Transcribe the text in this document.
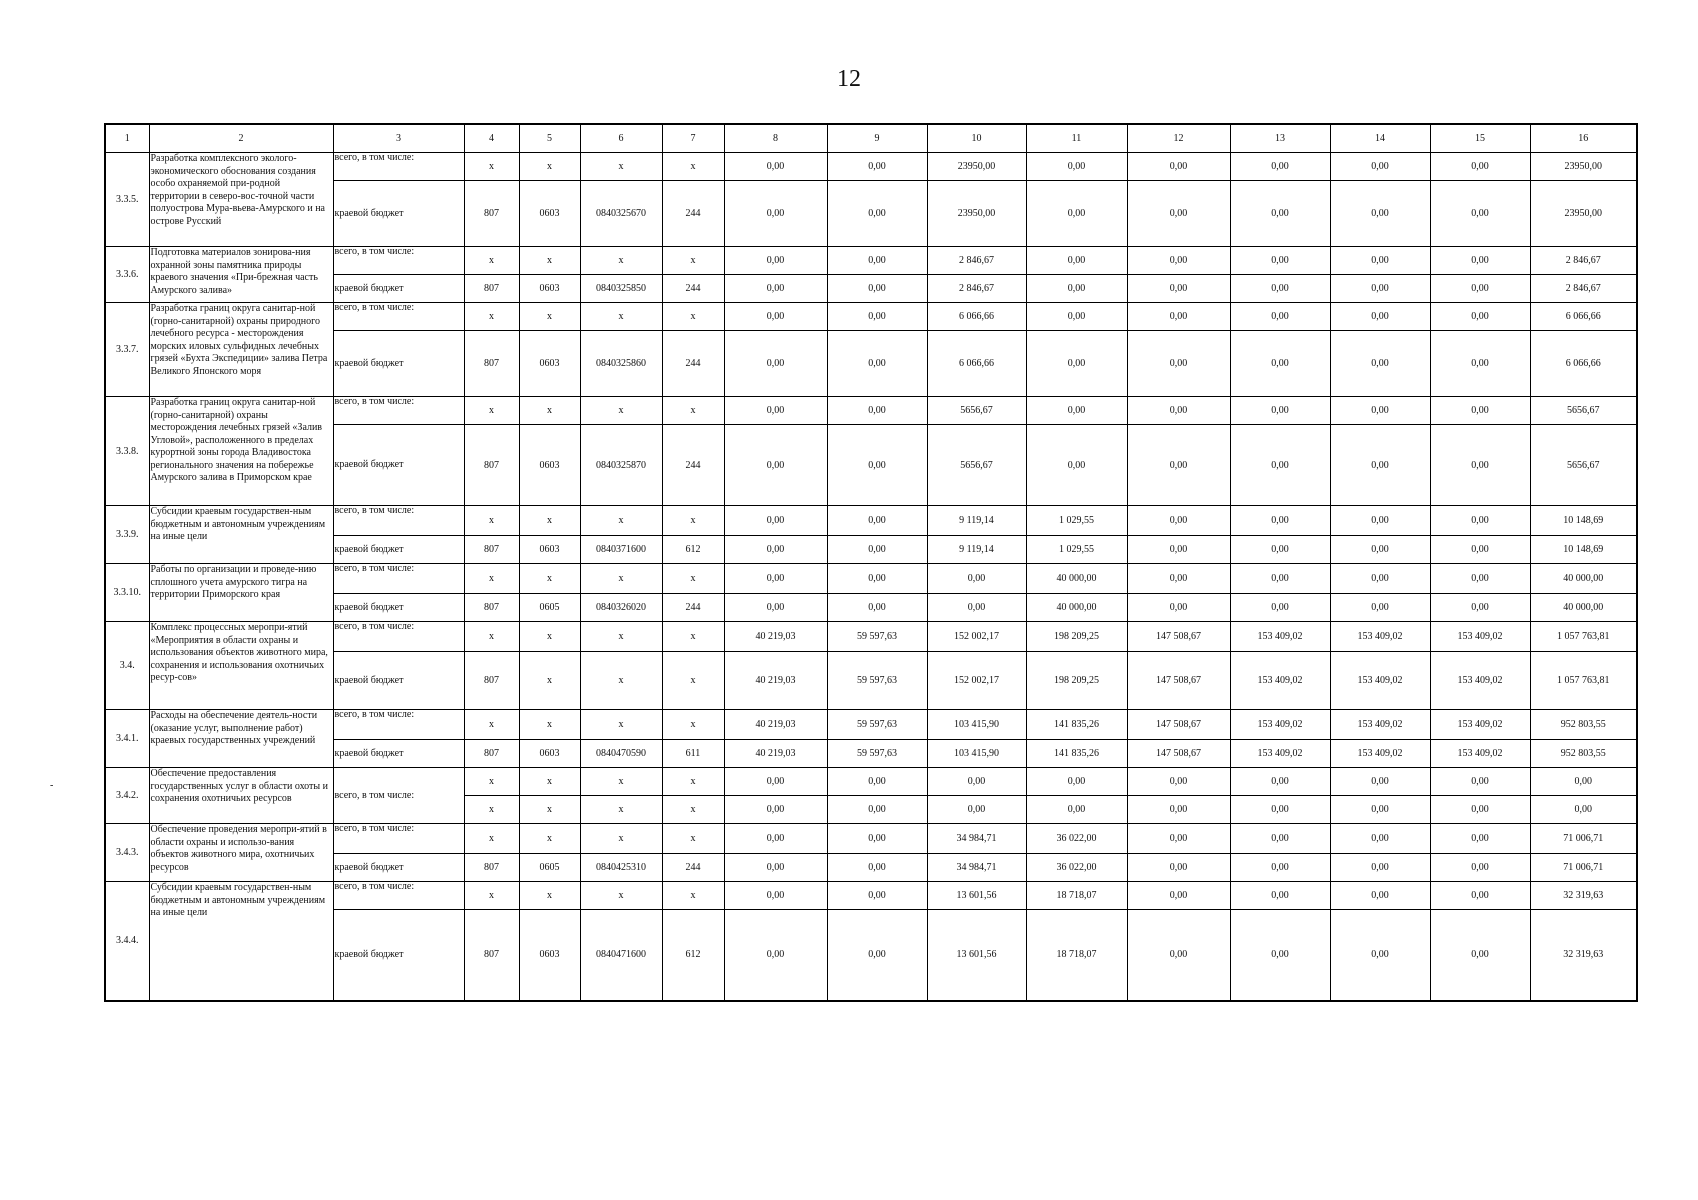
12
1	2	3	4	5	6	7	8	9	10	11	12	13	14	15	16
3.3.5.	Разработка комплексного эколого-экономического обоснования создания особо охраняемой при-родной территории в северо-вос-точной части полуострова Мура-вьева-Амурского и на острове Русский	всего, в том числе:	x	x	x	x	0,00	0,00	23950,00	0,00	0,00	0,00	0,00	0,00	23950,00
		краевой бюджет	807	0603	0840325670	244	0,00	0,00	23950,00	0,00	0,00	0,00	0,00	0,00	23950,00
3.3.6.	Подготовка материалов зонирова-ния охранной зоны памятника природы краевого значения «При-брежная часть Амурского залива»	всего, в том числе:	x	x	x	x	0,00	0,00	2 846,67	0,00	0,00	0,00	0,00	0,00	2 846,67
		краевой бюджет	807	0603	0840325850	244	0,00	0,00	2 846,67	0,00	0,00	0,00	0,00	0,00	2 846,67
3.3.7.	Разработка границ округа санитар-ной (горно-санитарной) охраны природного лечебного ресурса - месторождения морских иловых сульфидных лечебных грязей «Бухта Экспедиции» залива Петра Великого Японского моря	всего, в том числе:	x	x	x	x	0,00	0,00	6 066,66	0,00	0,00	0,00	0,00	0,00	6 066,66
		краевой бюджет	807	0603	0840325860	244	0,00	0,00	6 066,66	0,00	0,00	0,00	0,00	0,00	6 066,66
3.3.8.	Разработка границ округа санитар-ной (горно-санитарной) охраны месторождения лечебных грязей «Залив Угловой», расположенного в пределах курортной зоны города Владивостока регионального значения на побережье Амурского залива в Приморском крае	всего, в том числе:	x	x	x	x	0,00	0,00	5656,67	0,00	0,00	0,00	0,00	0,00	5656,67
		краевой бюджет	807	0603	0840325870	244	0,00	0,00	5656,67	0,00	0,00	0,00	0,00	0,00	5656,67
3.3.9.	Субсидии краевым государствен-ным бюджетным и автономным учреждениям на иные цели	всего, в том числе:	x	x	x	x	0,00	0,00	9 119,14	1 029,55	0,00	0,00	0,00	0,00	10 148,69
		краевой бюджет	807	0603	0840371600	612	0,00	0,00	9 119,14	1 029,55	0,00	0,00	0,00	0,00	10 148,69
3.3.10.	Работы по организации и проведе-нию сплошного учета амурского тигра на территории Приморского края	всего, в том числе:	x	x	x	x	0,00	0,00	0,00	40 000,00	0,00	0,00	0,00	0,00	40 000,00
		краевой бюджет	807	0605	0840326020	244	0,00	0,00	0,00	40 000,00	0,00	0,00	0,00	0,00	40 000,00
3.4.	Комплекс процессных меропри-ятий «Мероприятия в области охраны и использования объектов животного мира, сохранения и использования охотничьих ресур-сов»	всего, в том числе:	x	x	x	x	40 219,03	59 597,63	152 002,17	198 209,25	147 508,67	153 409,02	153 409,02	153 409,02	1 057 763,81
		краевой бюджет	807	x	x	x	40 219,03	59 597,63	152 002,17	198 209,25	147 508,67	153 409,02	153 409,02	153 409,02	1 057 763,81
3.4.1.	Расходы на обеспечение деятель-ности (оказание услуг, выполнение работ) краевых государственных учреждений	всего, в том числе:	x	x	x	x	40 219,03	59 597,63	103 415,90	141 835,26	147 508,67	153 409,02	153 409,02	153 409,02	952 803,55
		краевой бюджет	807	0603	0840470590	611	40 219,03	59 597,63	103 415,90	141 835,26	147 508,67	153 409,02	153 409,02	153 409,02	952 803,55
3.4.2.	Обеспечение предоставления государственных услуг в области охоты и сохранения охотничьих ресурсов	всего, в том числе:	x	x	x	x	0,00	0,00	0,00	0,00	0,00	0,00	0,00	0,00	0,00
			x	x	x	x	0,00	0,00	0,00	0,00	0,00	0,00	0,00	0,00	0,00
3.4.3.	Обеспечение проведения меропри-ятий в области охраны и использо-вания объектов животного мира, охотничьих ресурсов	всего, в том числе:	x	x	x	x	0,00	0,00	34 984,71	36 022,00	0,00	0,00	0,00	0,00	71 006,71
		краевой бюджет	807	0605	0840425310	244	0,00	0,00	34 984,71	36 022,00	0,00	0,00	0,00	0,00	71 006,71
3.4.4.	Субсидии краевым государствен-ным бюджетным и автономным учреждениям на иные цели	всего, в том числе:	x	x	x	x	0,00	0,00	13 601,56	18 718,07	0,00	0,00	0,00	0,00	32 319,63
		краевой бюджет	807	0603	0840471600	612	0,00	0,00	13 601,56	18 718,07	0,00	0,00	0,00	0,00	32 319,63
-
